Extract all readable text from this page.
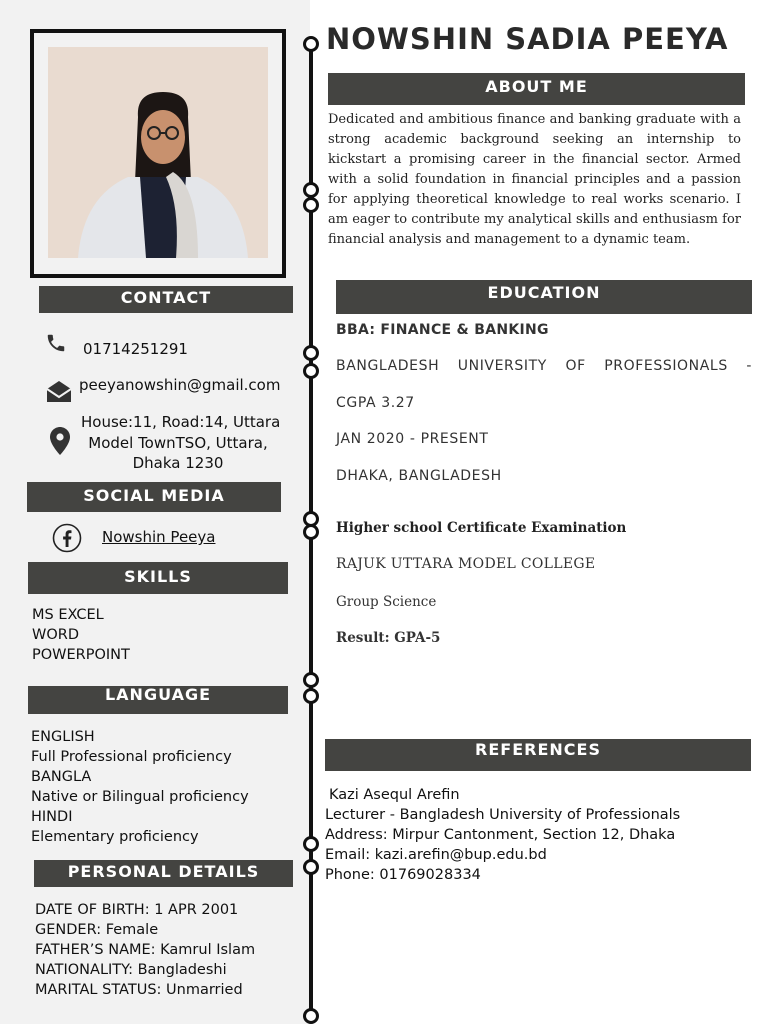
NOWSHIN SADIA PEEYA
ABOUT ME
Dedicated and ambitious finance and banking graduate with a strong academic background seeking an internship to kickstart a promising career in the financial sector. Armed with a solid foundation in financial principles and a passion for applying theoretical knowledge to real works scenario. I am eager to contribute my analytical skills and enthusiasm for financial analysis and management to a dynamic team.
CONTACT
01714251291
peeyanowshin@gmail.com
House:11, Road:14, Uttara
Model TownTSO, Uttara,
Dhaka 1230
SOCIAL MEDIA
Nowshin Peeya
SKILLS
MS EXCEL
WORD
POWERPOINT
LANGUAGE
ENGLISH
Full Professional proficiency
BANGLA
Native or Bilingual proficiency
HINDI
Elementary proficiency
PERSONAL DETAILS
DATE OF BIRTH: 1 APR 2001
GENDER: Female
FATHER’S NAME: Kamrul Islam
NATIONALITY: Bangladeshi
MARITAL STATUS: Unmarried
EDUCATION
BBA: FINANCE & BANKING
BANGLADESH UNIVERSITY OF PROFESSIONALS -
CGPA 3.27
JAN 2020 - PRESENT
DHAKA, BANGLADESH
Higher school Certificate Examination
RAJUK UTTARA MODEL COLLEGE
Group Science
Result: GPA-5
REFERENCES
Kazi Asequl Arefin
Lecturer - Bangladesh University of Professionals
Address: Mirpur Cantonment, Section 12, Dhaka
Email: kazi.arefin@bup.edu.bd
Phone: 01769028334
